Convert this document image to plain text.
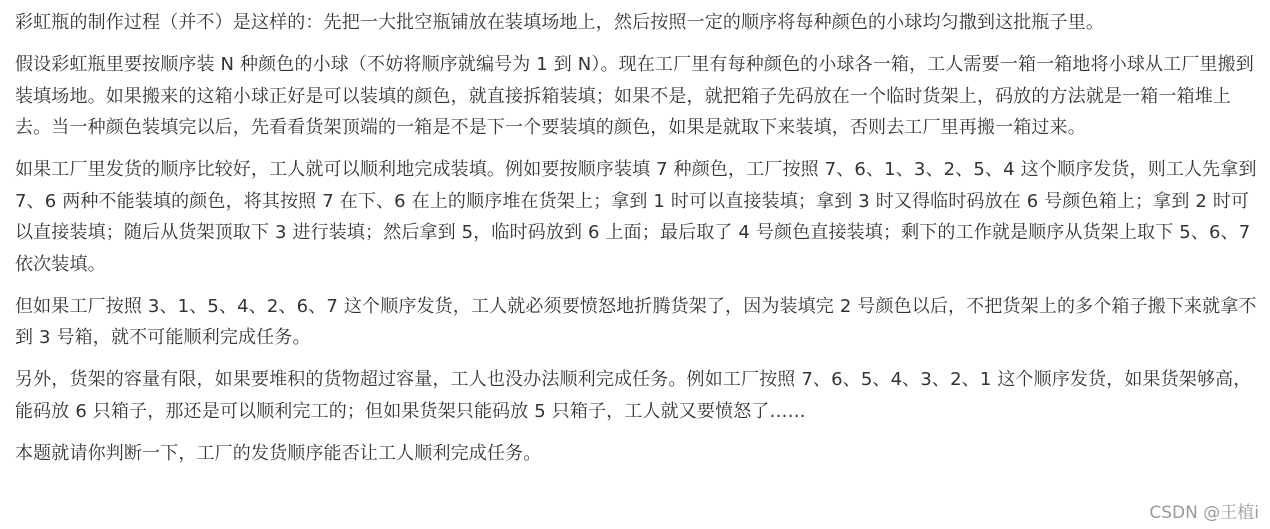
彩虹瓶的制作过程（并不）是这样的：先把一大批空瓶铺放在装填场地上，然后按照一定的顺序将每种颜色的小球均匀撒到这批瓶子里。

假设彩虹瓶里要按顺序装 N 种颜色的小球（不妨将顺序就编号为 1 到 N）。现在工厂里有每种颜色的小球各一箱，工人需要一箱一箱地将小球从工厂里搬到装填场地。如果搬来的这箱小球正好是可以装填的颜色，就直接拆箱装填；如果不是，就把箱子先码放在一个临时货架上，码放的方法就是一箱一箱堆上去。当一种颜色装填完以后，先看看货架顶端的一箱是不是下一个要装填的颜色，如果是就取下来装填，否则去工厂里再搬一箱过来。

如果工厂里发货的顺序比较好，工人就可以顺利地完成装填。例如要按顺序装填 7 种颜色，工厂按照 7、6、1、3、2、5、4 这个顺序发货，则工人先拿到 7、6 两种不能装填的颜色，将其按照 7 在下、6 在上的顺序堆在货架上；拿到 1 时可以直接装填；拿到 3 时又得临时码放在 6 号颜色箱上；拿到 2 时可以直接装填；随后从货架顶取下 3 进行装填；然后拿到 5，临时码放到 6 上面；最后取了 4 号颜色直接装填；剩下的工作就是顺序从货架上取下 5、6、7 依次装填。

但如果工厂按照 3、1、5、4、2、6、7 这个顺序发货，工人就必须要愤怒地折腾货架了，因为装填完 2 号颜色以后，不把货架上的多个箱子搬下来就拿不到 3 号箱，就不可能顺利完成任务。

另外，货架的容量有限，如果要堆积的货物超过容量，工人也没办法顺利完成任务。例如工厂按照 7、6、5、4、3、2、1 这个顺序发货，如果货架够高，能码放 6 只箱子，那还是可以顺利完工的；但如果货架只能码放 5 只箱子，工人就又要愤怒了……

本题就请你判断一下，工厂的发货顺序能否让工人顺利完成任务。

CSDN @王植i
